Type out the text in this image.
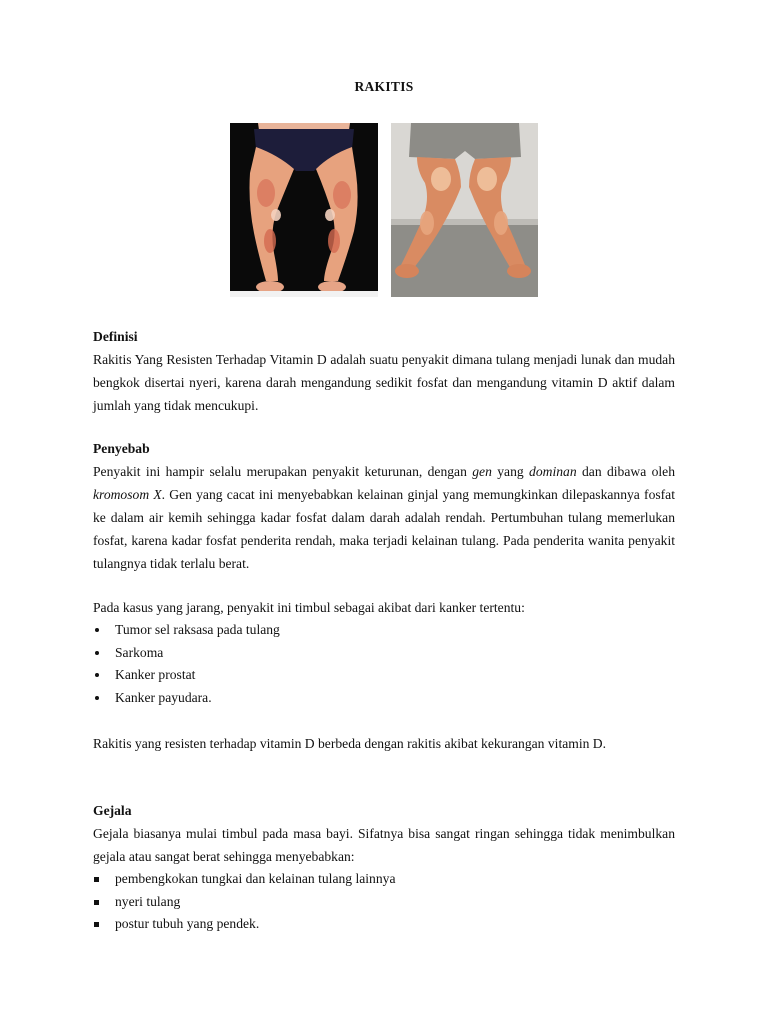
RAKITIS

Definisi

Rakitis Yang Resisten Terhadap Vitamin D adalah suatu penyakit dimana tulang menjadi lunak dan mudah bengkok disertai nyeri, karena darah mengandung sedikit fosfat dan mengandung vitamin D aktif dalam jumlah yang tidak mencukupi.

Penyebab

Penyakit ini hampir selalu merupakan penyakit keturunan, dengan gen yang dominan dan dibawa oleh kromosom X. Gen yang cacat ini menyebabkan kelainan ginjal yang memungkinkan dilepaskannya fosfat ke dalam air kemih sehingga kadar fosfat dalam darah adalah rendah. Pertumbuhan tulang memerlukan fosfat, karena kadar fosfat penderita rendah, maka terjadi kelainan tulang. Pada penderita wanita penyakit tulangnya tidak terlalu berat.

Pada kasus yang jarang, penyakit ini timbul sebagai akibat dari kanker tertentu:

Tumor sel raksasa pada tulang
Sarkoma
Kanker prostat
Kanker payudara.

Rakitis yang resisten terhadap vitamin D berbeda dengan rakitis akibat kekurangan vitamin D.

Gejala

Gejala biasanya mulai timbul pada masa bayi. Sifatnya bisa sangat ringan sehingga tidak menimbulkan gejala atau sangat berat sehingga menyebabkan:

pembengkokan tungkai dan kelainan tulang lainnya
nyeri tulang
postur tubuh yang pendek.
